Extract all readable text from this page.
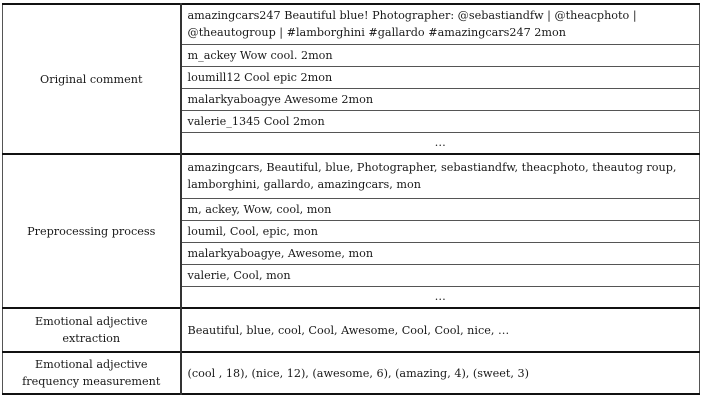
Original comment	amazingcars247 Beautiful blue! Photographer: @sebastiandfw | @theacphoto | @theautogroup | #lamborghini #gallardo #amazingcars247 2mon
	m_ackey Wow cool. 2mon
	loumill12 Cool epic 2mon
	malarkyaboagye Awesome 2mon
	valerie_1345 Cool 2mon
	…
Preprocessing process	amazingcars, Beautiful, blue, Photographer, sebastiandfw, theacphoto, theautog roup, lamborghini, gallardo, amazingcars, mon
	m, ackey, Wow, cool, mon
	loumil, Cool, epic, mon
	malarkyaboagye, Awesome, mon
	valerie, Cool, mon
	…
Emotional adjective extraction	Beautiful, blue, cool, Cool, Awesome, Cool, Cool, nice, …
Emotional adjective frequency measurement	(cool , 18), (nice, 12), (awesome, 6), (amazing, 4), (sweet, 3)
